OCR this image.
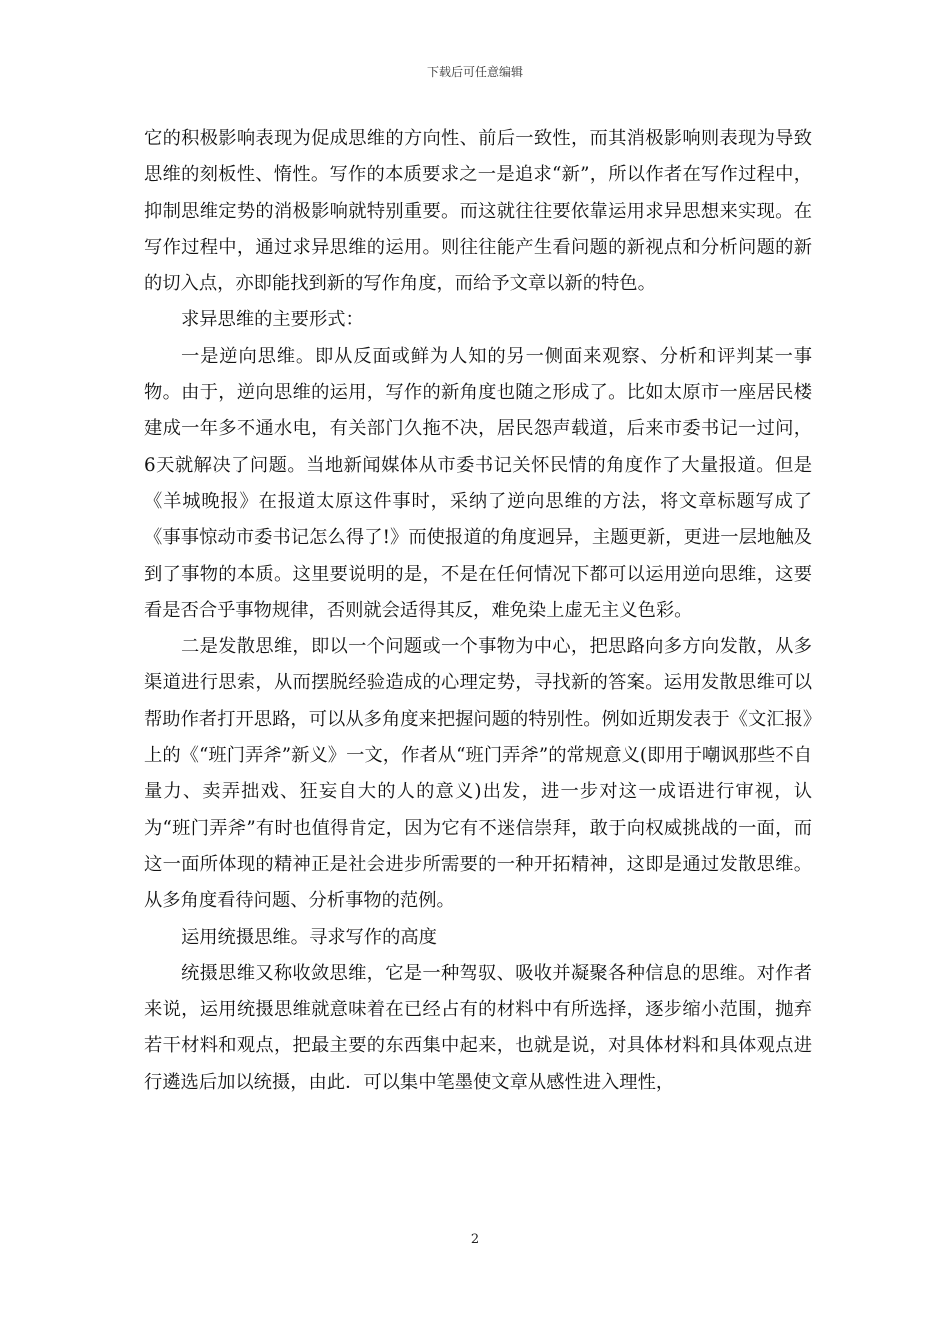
下载后可任意编辑

它的积极影响表现为促成思维的方向性、前后一致性，而其消极影响则表现为导致思维的刻板性、惰性。写作的本质要求之一是追求“新”，所以作者在写作过程中，抑制思维定势的消极影响就特别重要。而这就往往要依靠运用求异思想来实现。在写作过程中，通过求异思维的运用。则往往能产生看问题的新视点和分析问题的新的切入点，亦即能找到新的写作角度，而给予文章以新的特色。

求异思维的主要形式：

一是逆向思维。即从反面或鲜为人知的另一侧面来观察、分析和评判某一事物。由于，逆向思维的运用，写作的新角度也随之形成了。比如太原市一座居民楼建成一年多不通水电，有关部门久拖不决，居民怨声载道，后来市委书记一过问，6天就解决了问题。当地新闻媒体从市委书记关怀民情的角度作了大量报道。但是《羊城晚报》在报道太原这件事时，采纳了逆向思维的方法，将文章标题写成了《事事惊动市委书记怎么得了!》而使报道的角度迥异，主题更新，更进一层地触及到了事物的本质。这里要说明的是，不是在任何情况下都可以运用逆向思维，这要看是否合乎事物规律，否则就会适得其反，难免染上虚无主义色彩。

二是发散思维，即以一个问题或一个事物为中心，把思路向多方向发散，从多渠道进行思索，从而摆脱经验造成的心理定势，寻找新的答案。运用发散思维可以帮助作者打开思路，可以从多角度来把握问题的特别性。例如近期发表于《文汇报》上的《“班门弄斧”新义》一文，作者从“班门弄斧”的常规意义(即用于嘲讽那些不自量力、卖弄拙戏、狂妄自大的人的意义)出发，进一步对这一成语进行审视，认为“班门弄斧”有时也值得肯定，因为它有不迷信崇拜，敢于向权威挑战的一面，而这一面所体现的精神正是社会进步所需要的一种开拓精神，这即是通过发散思维。从多角度看待问题、分析事物的范例。

运用统摄思维。寻求写作的高度

统摄思维又称收敛思维，它是一种驾驭、吸收并凝聚各种信息的思维。对作者来说，运用统摄思维就意味着在已经占有的材料中有所选择，逐步缩小范围，抛弃若干材料和观点，把最主要的东西集中起来，也就是说，对具体材料和具体观点进行遴选后加以统摄，由此．可以集中笔墨使文章从感性进入理性，

2
